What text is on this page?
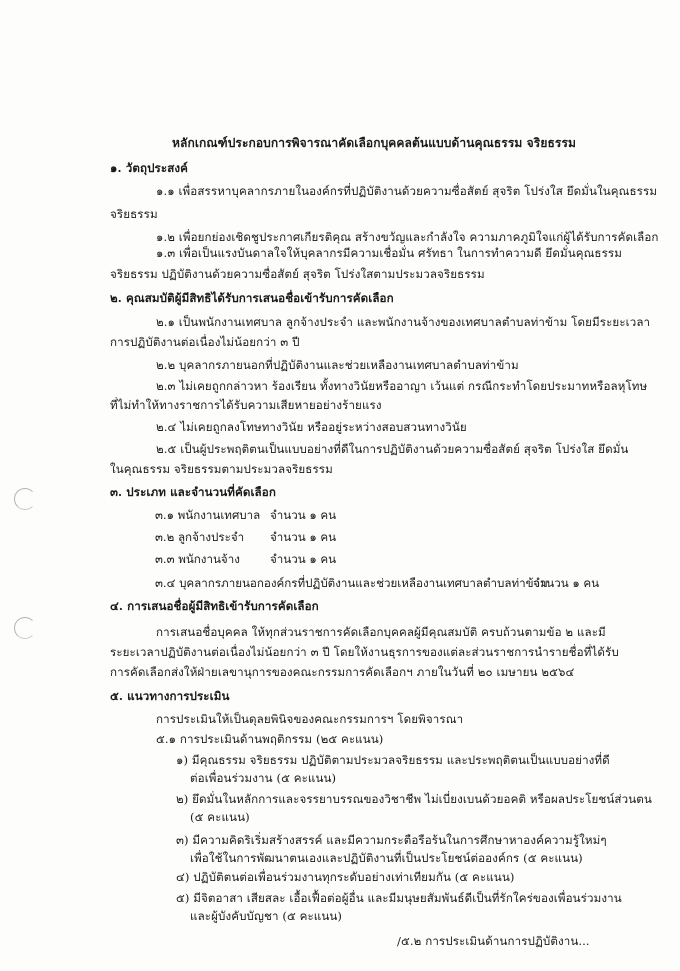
หลักเกณฑ์ประกอบการพิจารณาคัดเลือกบุคคลต้นแบบด้านคุณธรรม จริยธรรม
๑. วัตถุประสงค์
๑.๑ เพื่อสรรหาบุคลากรภายในองค์กรที่ปฏิบัติงานด้วยความซื่อสัตย์ สุจริต โปร่งใส ยึดมั่นในคุณธรรม
จริยธรรม
๑.๒ เพื่อยกย่องเชิดชูประกาศเกียรติคุณ สร้างขวัญและกำลังใจ ความภาคภูมิใจแก่ผู้ได้รับการคัดเลือก
๑.๓ เพื่อเป็นแรงบันดาลใจให้บุคลากรมีความเชื่อมั่น ศรัทธา ในการทำความดี ยึดมั่นคุณธรรม
จริยธรรม ปฏิบัติงานด้วยความซื่อสัตย์ สุจริต โปร่งใสตามประมวลจริยธรรม
๒. คุณสมบัติผู้มีสิทธิได้รับการเสนอชื่อเข้ารับการคัดเลือก
๒.๑ เป็นพนักงานเทศบาล ลูกจ้างประจำ และพนักงานจ้างของเทศบาลตำบลท่าข้าม โดยมีระยะเวลา
การปฏิบัติงานต่อเนื่องไม่น้อยกว่า ๓ ปี
๒.๒ บุคลากรภายนอกที่ปฏิบัติงานและช่วยเหลืองานเทศบาลตำบลท่าข้าม
๒.๓ ไม่เคยถูกกล่าวหา ร้องเรียน ทั้งทางวินัยหรืออาญา เว้นแต่ กรณีกระทำโดยประมาทหรือลหุโทษ
ที่ไม่ทำให้ทางราชการได้รับความเสียหายอย่างร้ายแรง
๒.๔ ไม่เคยถูกลงโทษทางวินัย หรืออยู่ระหว่างสอบสวนทางวินัย
๒.๕ เป็นผู้ประพฤติตนเป็นแบบอย่างที่ดีในการปฏิบัติงานด้วยความซื่อสัตย์ สุจริต โปร่งใส ยึดมั่น
ในคุณธรรม จริยธรรมตามประมวลจริยธรรม
๓. ประเภท และจำนวนที่คัดเลือก
๓.๑ พนักงานเทศบาล จำนวน ๑ คน
๓.๒ ลูกจ้างประจำ จำนวน ๑ คน
๓.๓ พนักงานจ้าง	จำนวน ๑ คน
๓.๔ บุคลากรภายนอกองค์กรที่ปฏิบัติงานและช่วยเหลืองานเทศบาลตำบลท่าข้าม
จำนวน ๑ คน
๔. การเสนอชื่อผู้มีสิทธิเข้ารับการคัดเลือก
การเสนอชื่อบุคคล ให้ทุกส่วนราชการคัดเลือกบุคคลผู้มีคุณสมบัติ ครบถ้วนตามข้อ ๒ และมี
ระยะเวลาปฏิบัติงานต่อเนื่องไม่น้อยกว่า ๓ ปี โดยให้งานธุรการของแต่ละส่วนราชการนำรายชื่อที่ได้รับ
การคัดเลือกส่งให้ฝ่ายเลขานุการของคณะกรรมการคัดเลือกฯ ภายในวันที่ ๒๐ เมษายน ๒๕๖๔
๕. แนวทางการประเมิน
การประเมินให้เป็นดุลยพินิจของคณะกรรมการฯ โดยพิจารณา
๕.๑ การประเมินด้านพฤติกรรม (๒๕ คะแนน)
๑) มีคุณธรรม จริยธรรม ปฏิบัติตามประมวลจริยธรรม และประพฤติตนเป็นแบบอย่างที่ดี
ต่อเพื่อนร่วมงาน (๕ คะแนน)
๒) ยึดมั่นในหลักการและจรรยาบรรณของวิชาชีพ ไม่เบี่ยงเบนด้วยอคติ หรือผลประโยชน์ส่วนตน
(๕ คะแนน)
๓) มีความคิดริเริ่มสร้างสรรค์ และมีความกระตือรือร้นในการศึกษาหาองค์ความรู้ใหม่ๆ
เพื่อใช้ในการพัฒนาตนเองและปฏิบัติงานที่เป็นประโยชน์ต่อองค์กร (๕ คะแนน)
๔) ปฏิบัติตนต่อเพื่อนร่วมงานทุกระดับอย่างเท่าเทียมกัน (๕ คะแนน)
๕) มีจิตอาสา เสียสละ เอื้อเฟื้อต่อผู้อื่น และมีมนุษยสัมพันธ์ดีเป็นที่รักใคร่ของเพื่อนร่วมงาน
และผู้บังคับบัญชา (๕ คะแนน)
/๕.๒ การประเมินด้านการปฏิบัติงาน...
